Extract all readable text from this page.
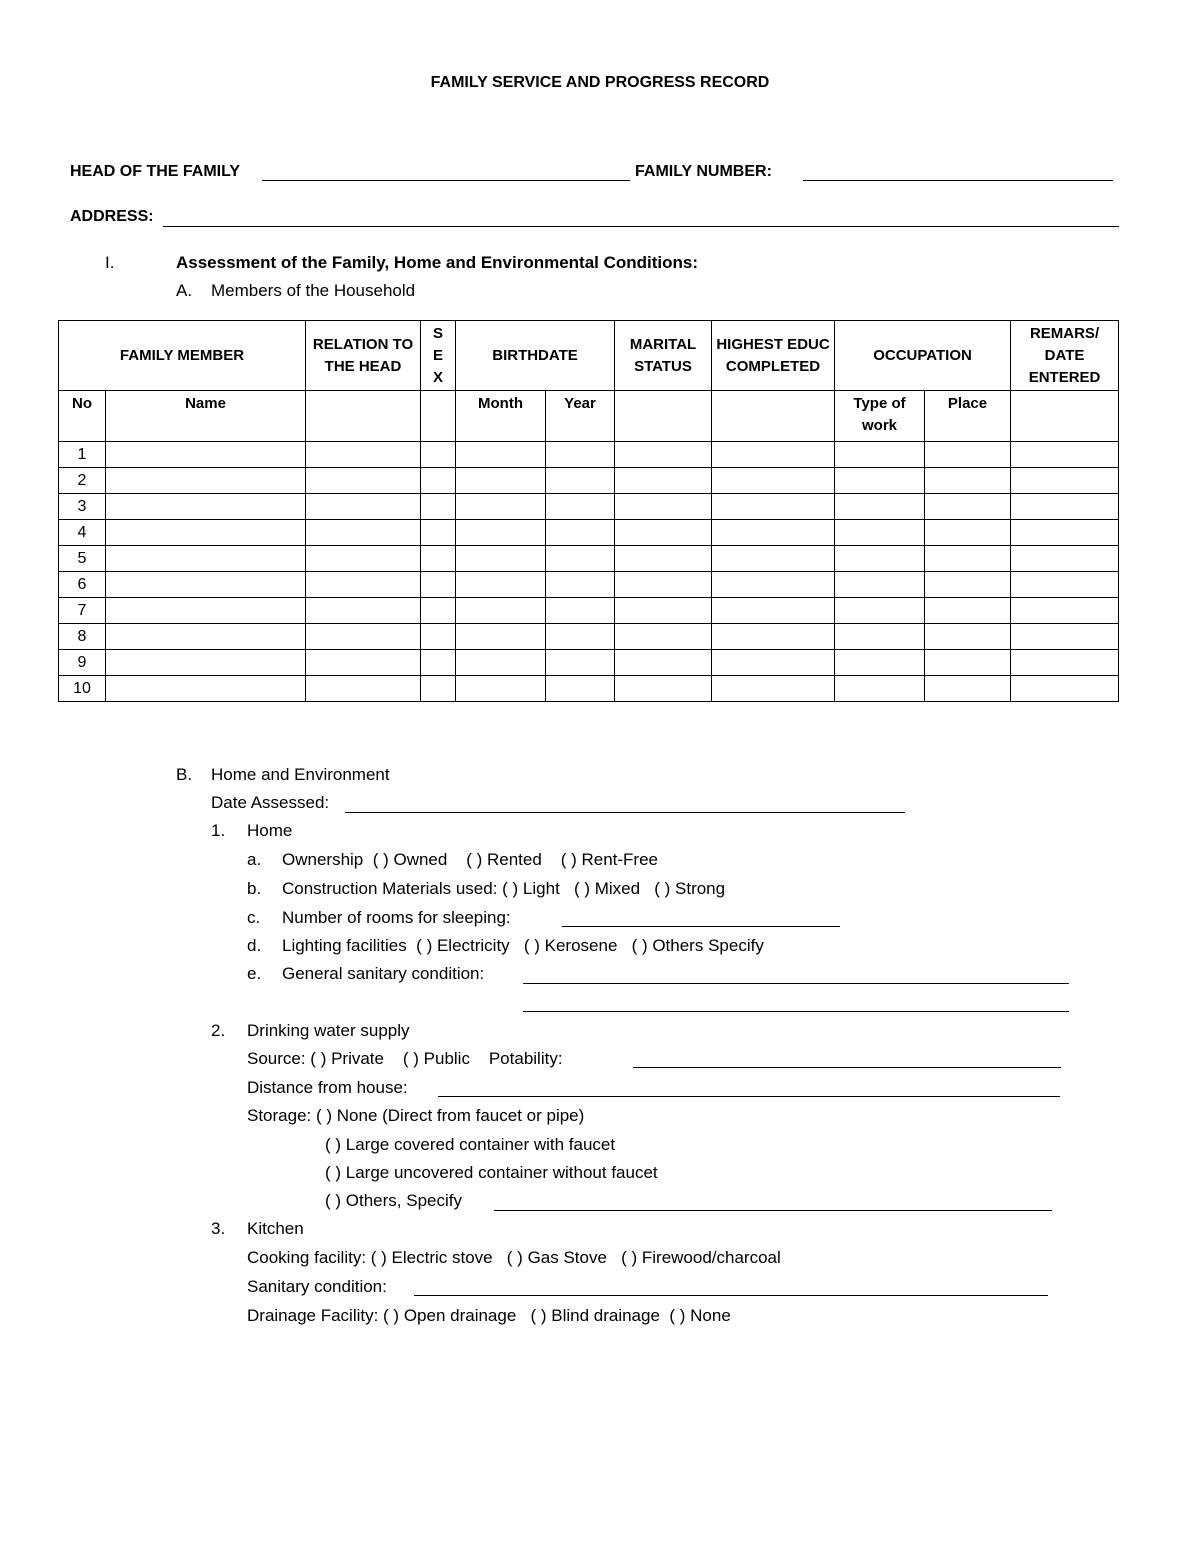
FAMILY SERVICE AND PROGRESS RECORD
HEAD OF THE FAMILY	FAMILY NUMBER:
ADDRESS:
I.	Assessment of the Family, Home and Environmental Conditions:
A. Members of the Household
FAMILY MEMBER		RELATION TO THE HEAD	S E X	BIRTHDATE		MARITAL STATUS	HIGHEST EDUC COMPLETED	OCCUPATION		REMARS/ DATE ENTERED
No	Name			Month	Year			Type of work	Place	
1										
2										
3										
4										
5										
6										
7										
8										
9										
10										
B. Home and Environment
Date Assessed:
1. Home
a. Ownership  ( ) Owned    ( ) Rented    ( ) Rent-Free
b. Construction Materials used: ( ) Light   ( ) Mixed   ( ) Strong
c. Number of rooms for sleeping:
d. Lighting facilities  ( ) Electricity   ( ) Kerosene   ( ) Others Specify
e. General sanitary condition:
2. Drinking water supply
Source: ( ) Private    ( ) Public    Potability:
Distance from house:
Storage: ( ) None (Direct from faucet or pipe)
( ) Large covered container with faucet
( ) Large uncovered container without faucet
( ) Others, Specify
3. Kitchen
Cooking facility: ( ) Electric stove   ( ) Gas Stove   ( ) Firewood/charcoal
Sanitary condition:
Drainage Facility: ( ) Open drainage   ( ) Blind drainage  ( ) None
